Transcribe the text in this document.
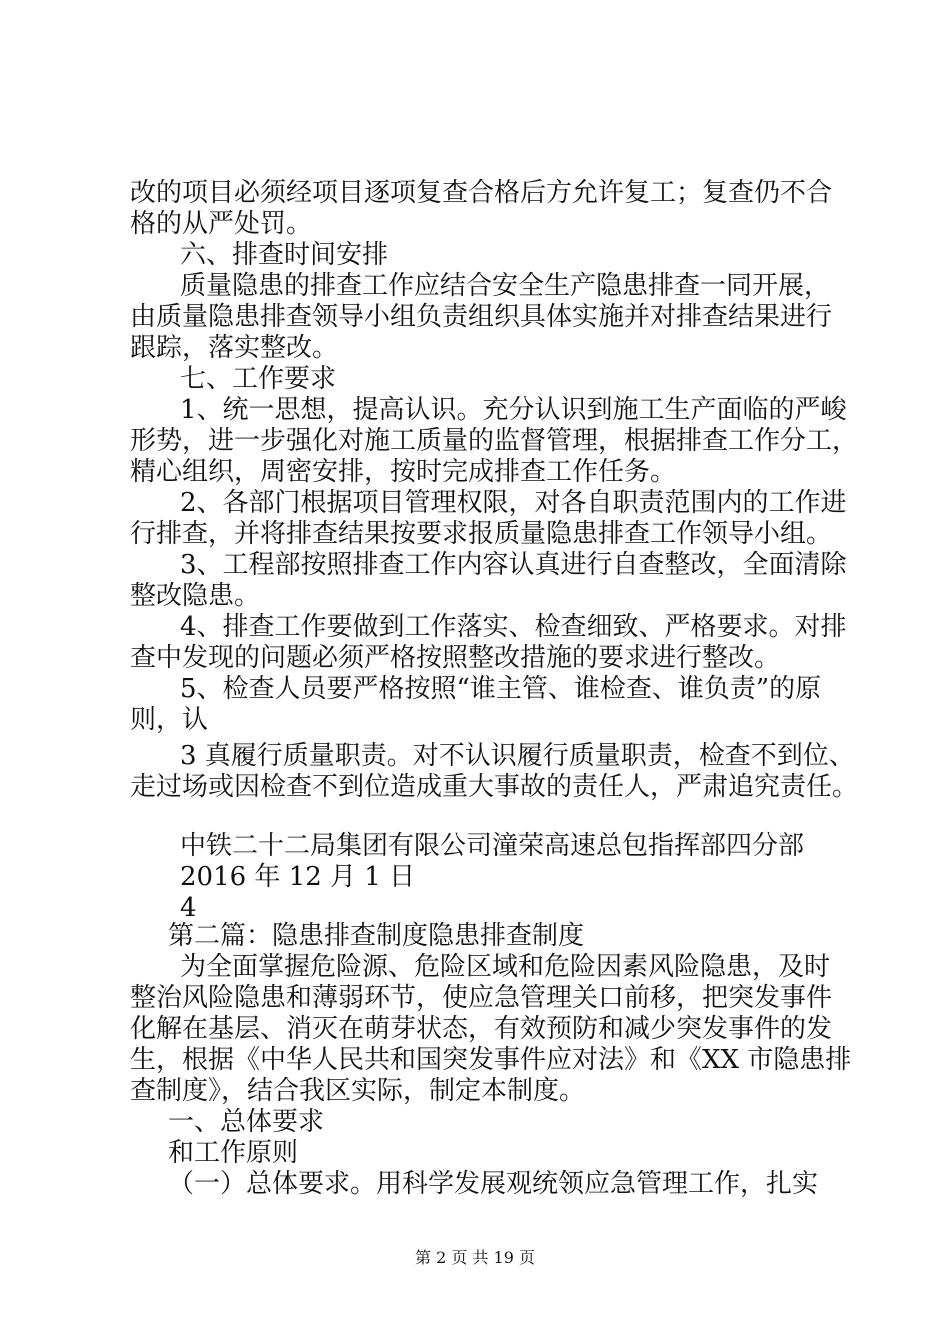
改的项目必须经项目逐项复查合格后方允许复工；复查仍不合
格的从严处罚。
六、排查时间安排
质量隐患的排查工作应结合安全生产隐患排查一同开展，
由质量隐患排查领导小组负责组织具体实施并对排查结果进行
跟踪，落实整改。
七、工作要求
1、统一思想，提高认识。充分认识到施工生产面临的严峻
形势，进一步强化对施工质量的监督管理，根据排查工作分工，
精心组织，周密安排，按时完成排查工作任务。
2、各部门根据项目管理权限，对各自职责范围内的工作进
行排查，并将排查结果按要求报质量隐患排查工作领导小组。
3、工程部按照排查工作内容认真进行自查整改，全面清除
整改隐患。
4、排查工作要做到工作落实、检查细致、严格要求。对排
查中发现的问题必须严格按照整改措施的要求进行整改。
5、检查人员要严格按照“谁主管、谁检查、谁负责”的原
则，认
3 真履行质量职责。对不认识履行质量职责，检查不到位、
走过场或因检查不到位造成重大事故的责任人，严肃追究责任。
中铁二十二局集团有限公司潼荣高速总包指挥部四分部
2016 年 12 月 1 日
4
第二篇：隐患排查制度隐患排查制度
为全面掌握危险源、危险区域和危险因素风险隐患，及时
整治风险隐患和薄弱环节，使应急管理关口前移，把突发事件
化解在基层、消灭在萌芽状态，有效预防和减少突发事件的发
生，根据《中华人民共和国突发事件应对法》和《XX 市隐患排
查制度》，结合我区实际，制定本制度。
一、总体要求
和工作原则
（一）总体要求。用科学发展观统领应急管理工作，扎实
第 2 页 共 19 页
